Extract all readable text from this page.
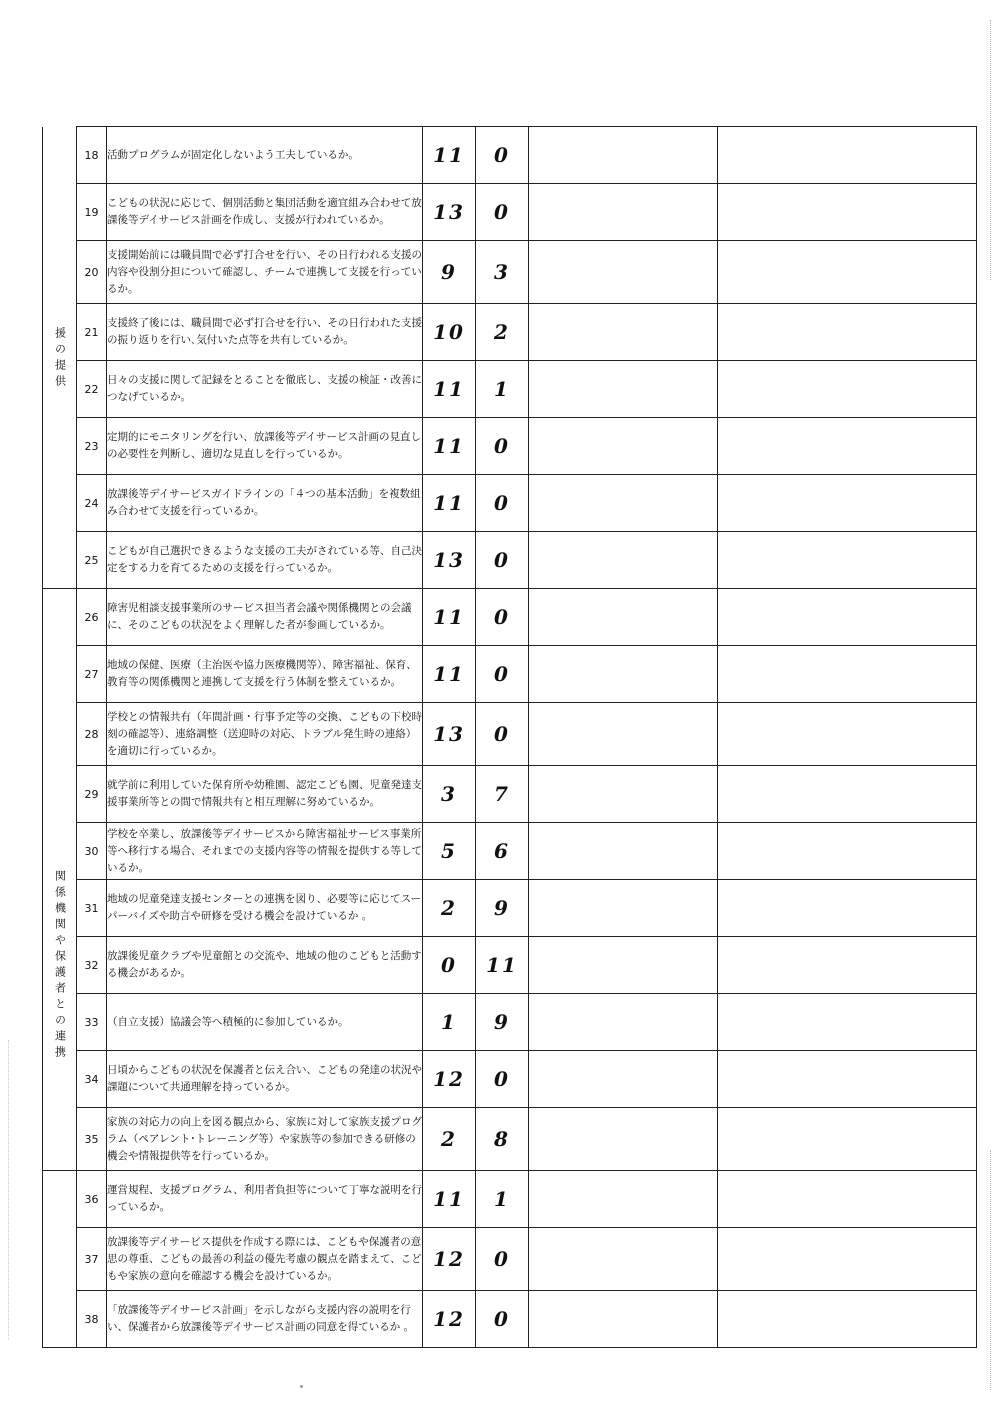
援の提供	18	活動プログラムが固定化しないよう工夫しているか。	11	0		
	19	こどもの状況に応じて、個別活動と集団活動を適宜組み合わせて放課後等デイサービス計画を作成し、支援が行われているか。	13	0		
	20	支援開始前には職員間で必ず打合せを行い、その日行われる支援の内容や役割分担について確認し、チームで連携して支援を行っているか。	9	3		
	21	支援終了後には、職員間で必ず打合せを行い、その日行われた支援の振り返りを行い､気付いた点等を共有しているか。	10	2		
	22	日々の支援に関して記録をとることを徹底し、支援の検証・改善につなげているか。	11	1		
	23	定期的にモニタリングを行い、放課後等デイサービス計画の見直しの必要性を判断し、適切な見直しを行っているか。	11	0		
	24	放課後等デイサービスガイドラインの「４つの基本活動」を複数組み合わせて支援を行っているか。	11	0		
	25	こどもが自己選択できるような支援の工夫がされている等、自己決定をする力を育てるための支援を行っているか。	13	0		
関係機関や保護者との連携	26	障害児相談支援事業所のサービス担当者会議や関係機関との会議に、そのこどもの状況をよく理解した者が参画しているか。	11	0		
	27	地域の保健、医療（主治医や協力医療機関等）、障害福祉、保育、教育等の関係機関と連携して支援を行う体制を整えているか。	11	0		
	28	学校との情報共有（年間計画・行事予定等の交換、こどもの下校時刻の確認等）、連絡調整（送迎時の対応、トラブル発生時の連絡）を適切に行っているか。	13	0		
	29	就学前に利用していた保育所や幼稚園、認定こども園、児童発達支援事業所等との間で情報共有と相互理解に努めているか。	3	7		
	30	学校を卒業し、放課後等デイサービスから障害福祉サービス事業所等へ移行する場合、それまでの支援内容等の情報を提供する等しているか。	5	6		
	31	地域の児童発達支援センターとの連携を図り、必要等に応じてスーパーバイズや助言や研修を受ける機会を設けているか 。	2	9		
	32	放課後児童クラブや児童館との交流や、地域の他のこどもと活動する機会があるか。	0	11		
	33	（自立支援）協議会等へ積極的に参加しているか。	1	9		
	34	日頃からこどもの状況を保護者と伝え合い、こどもの発達の状況や課題について共通理解を持っているか。	12	0		
	35	家族の対応力の向上を図る観点から、家族に対して家族支援プログラム（ペアレント･トレーニング等）や家族等の参加できる研修の機会や情報提供等を行っているか。	2	8		
	36	運営規程、支援プログラム、利用者負担等について丁寧な説明を行っているか。	11	1		
	37	放課後等デイサービス提供を作成する際には、こどもや保護者の意思の尊重、こどもの最善の利益の優先考慮の観点を踏まえて、こどもや家族の意向を確認する機会を設けているか。	12	0		
	38	「放課後等デイサービス計画」を示しながら支援内容の説明を行い、保護者から放課後等デイサービス計画の同意を得ているか 。	12	0		
